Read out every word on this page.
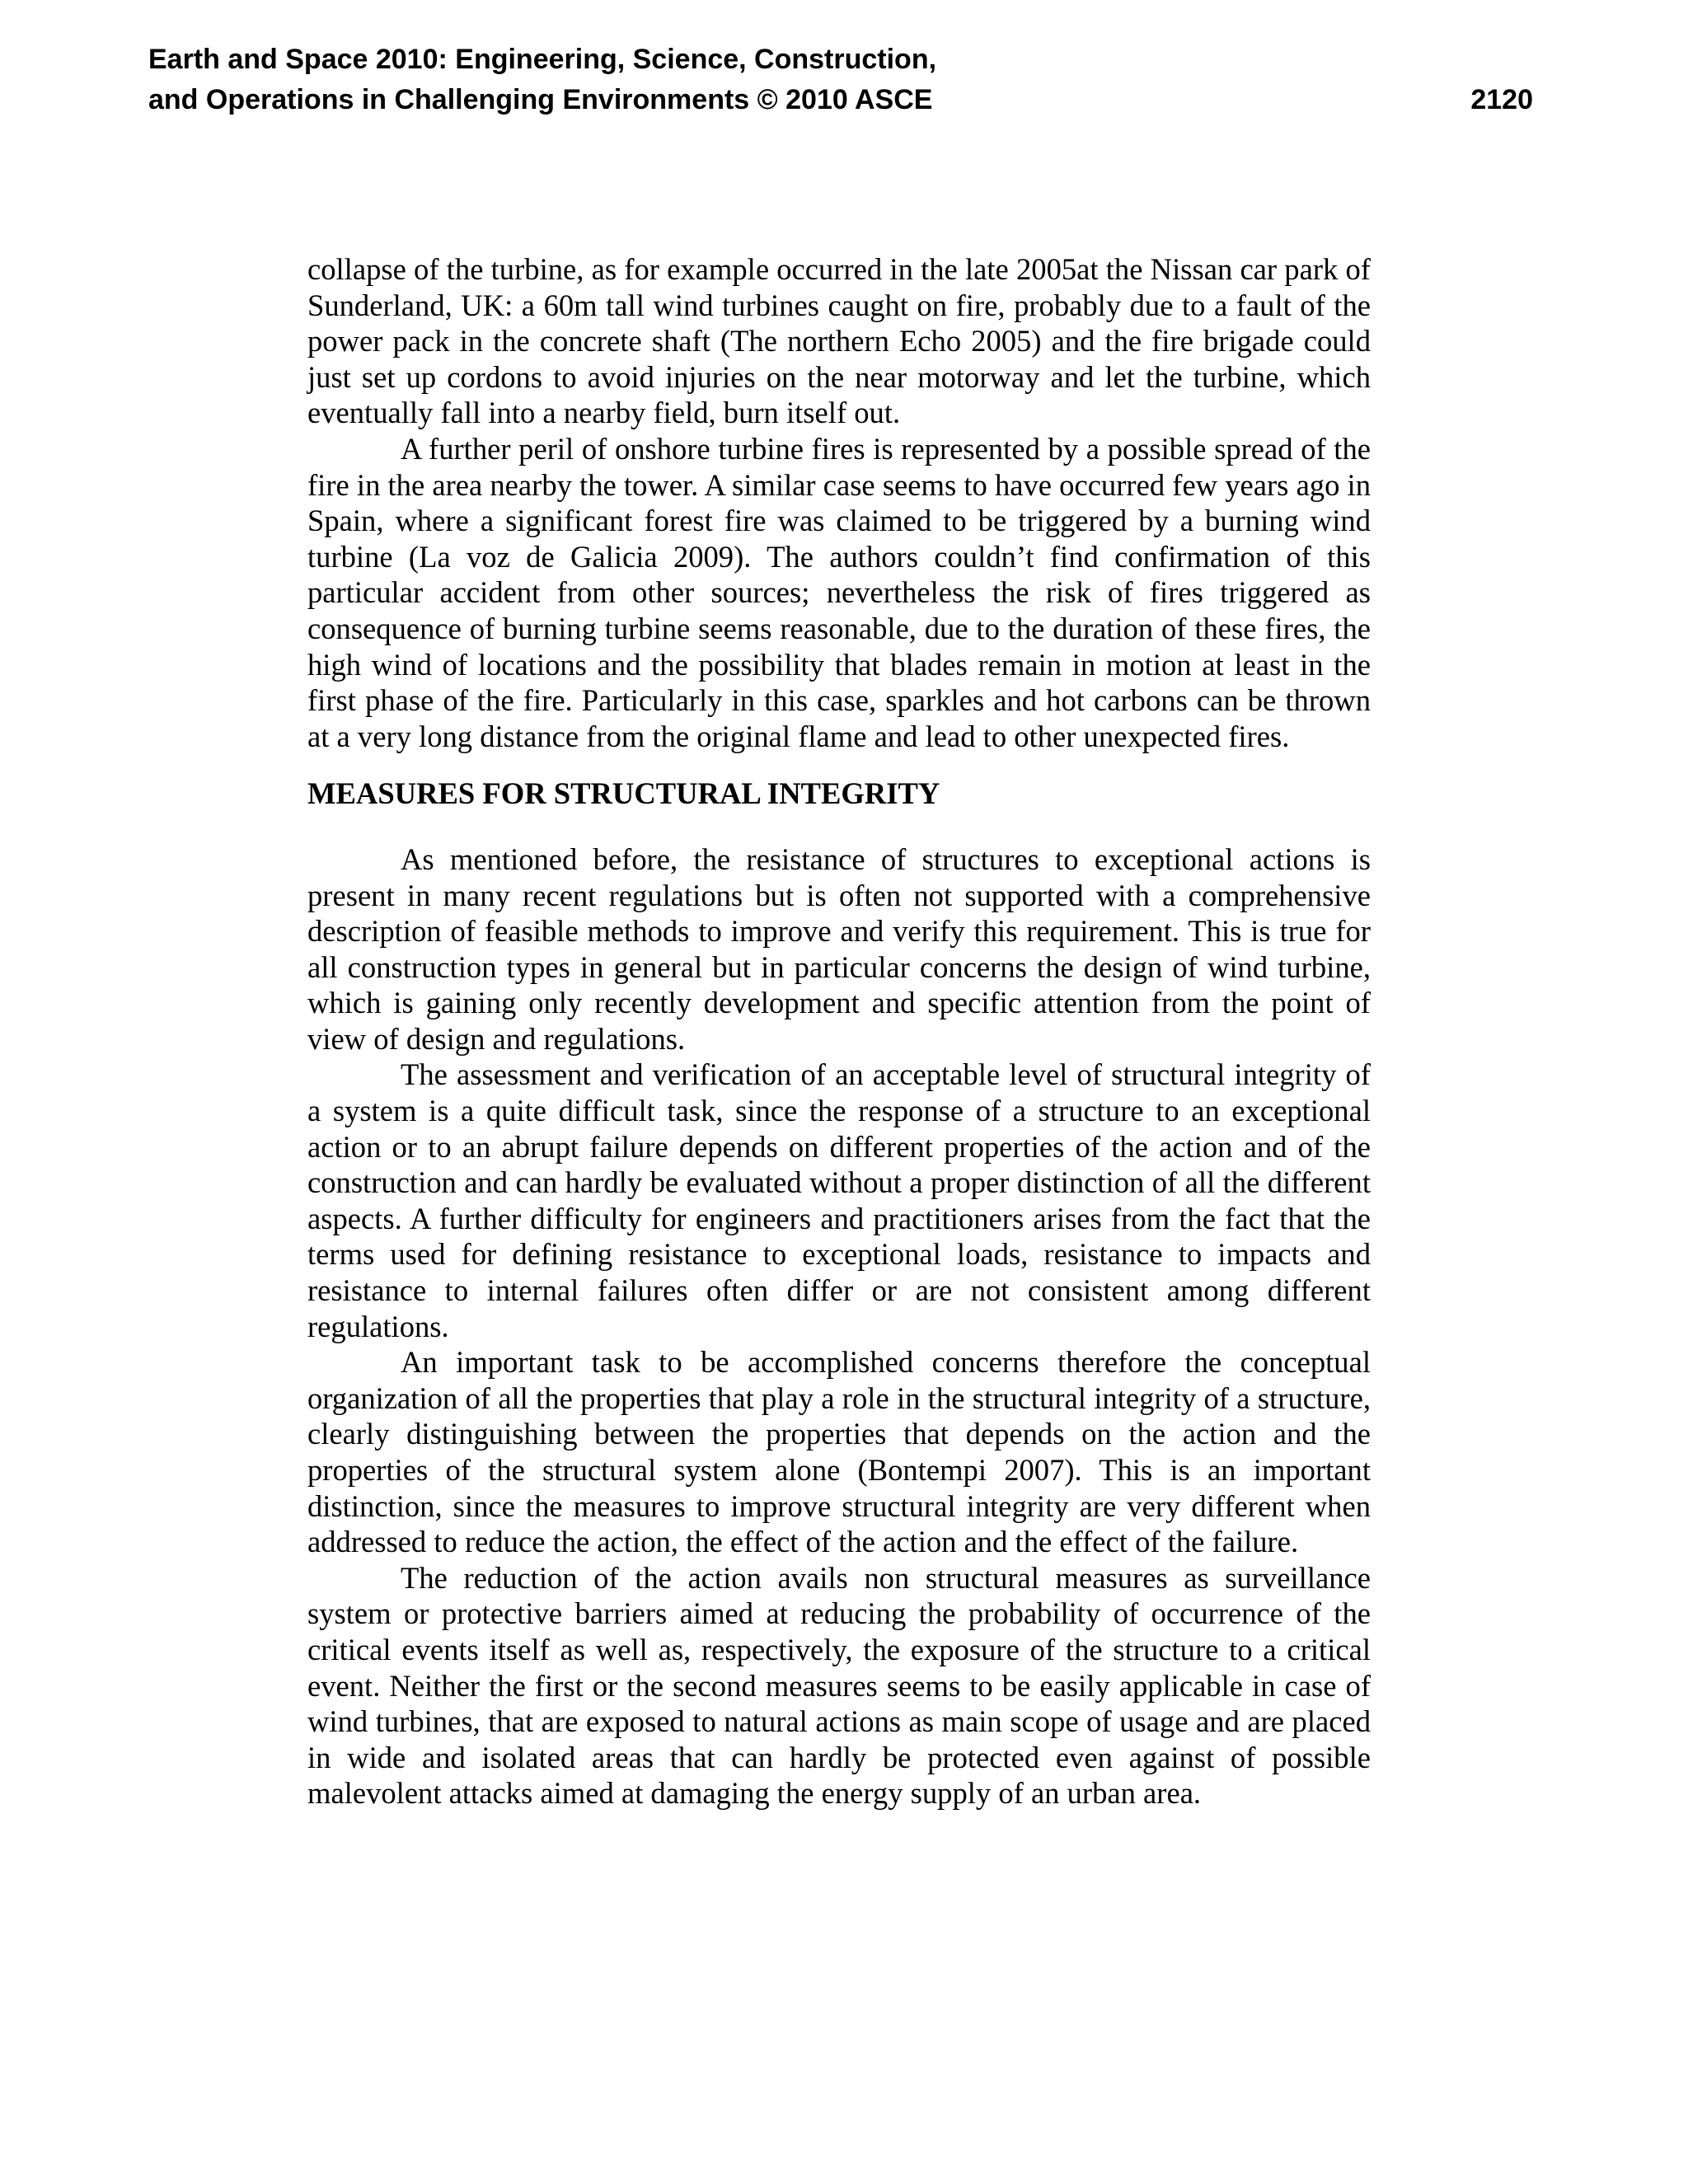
Earth and Space 2010: Engineering, Science, Construction,
and Operations in Challenging Environments © 2010 ASCE	2120

collapse of the turbine, as for example occurred in the late 2005at the Nissan car park of Sunderland, UK: a 60m tall wind turbines caught on fire, probably due to a fault of the power pack in the concrete shaft (The northern Echo 2005) and the fire brigade could just set up cordons to avoid injuries on the near motorway and let the turbine, which eventually fall into a nearby field, burn itself out.

A further peril of onshore turbine fires is represented by a possible spread of the fire in the area nearby the tower. A similar case seems to have occurred few years ago in Spain, where a significant forest fire was claimed to be triggered by a burning wind turbine (La voz de Galicia 2009). The authors couldn’t find confirmation of this particular accident from other sources; nevertheless the risk of fires triggered as consequence of burning turbine seems reasonable, due to the duration of these fires, the high wind of locations and the possibility that blades remain in motion at least in the first phase of the fire. Particularly in this case, sparkles and hot carbons can be thrown at a very long distance from the original flame and lead to other unexpected fires.

MEASURES FOR STRUCTURAL INTEGRITY

As mentioned before, the resistance of structures to exceptional actions is present in many recent regulations but is often not supported with a comprehensive description of feasible methods to improve and verify this requirement. This is true for all construction types in general but in particular concerns the design of wind turbine, which is gaining only recently development and specific attention from the point of view of design and regulations.

The assessment and verification of an acceptable level of structural integrity of a system is a quite difficult task, since the response of a structure to an exceptional action or to an abrupt failure depends on different properties of the action and of the construction and can hardly be evaluated without a proper distinction of all the different aspects. A further difficulty for engineers and practitioners arises from the fact that the terms used for defining resistance to exceptional loads, resistance to impacts and resistance to internal failures often differ or are not consistent among different regulations.

An important task to be accomplished concerns therefore the conceptual organization of all the properties that play a role in the structural integrity of a structure, clearly distinguishing between the properties that depends on the action and the properties of the structural system alone (Bontempi 2007). This is an important distinction, since the measures to improve structural integrity are very different when addressed to reduce the action, the effect of the action and the effect of the failure.

The reduction of the action avails non structural measures as surveillance system or protective barriers aimed at reducing the probability of occurrence of the critical events itself as well as, respectively, the exposure of the structure to a critical event. Neither the first or the second measures seems to be easily applicable in case of wind turbines, that are exposed to natural actions as main scope of usage and are placed in wide and isolated areas that can hardly be protected even against of possible malevolent attacks aimed at damaging the energy supply of an urban area.
